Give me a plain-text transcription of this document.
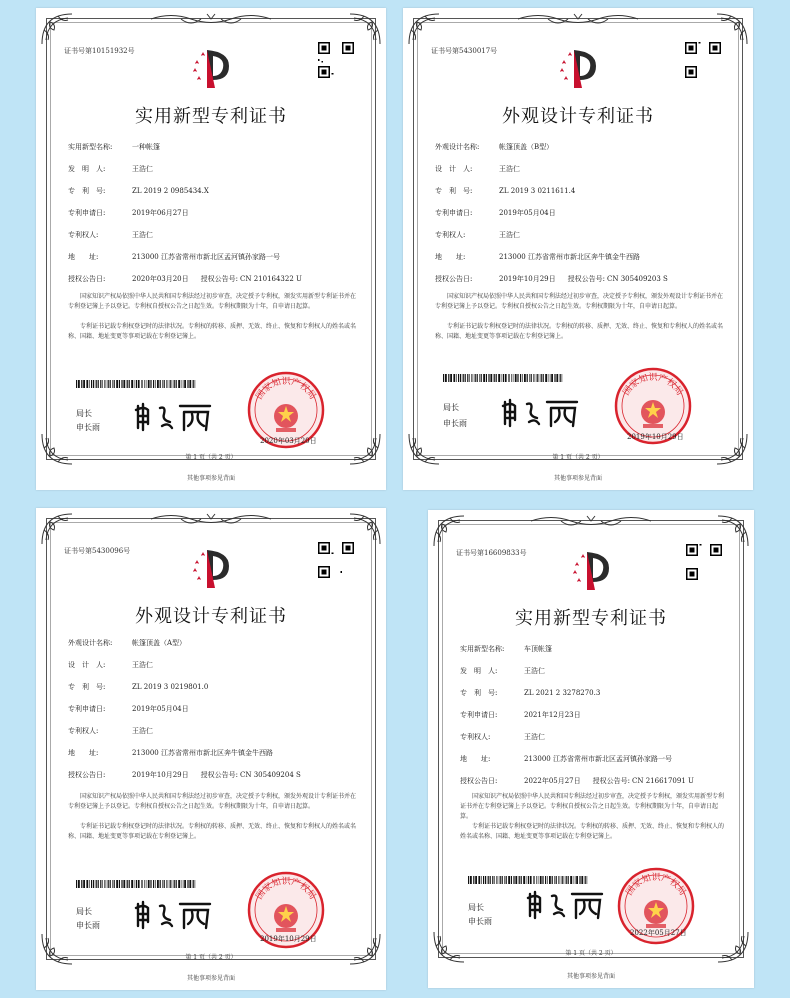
证书号第10151932号
实用新型专利证书
实用新型名称:	一种帐篷
发　明　人:	王浩仁
专　利　号:	ZL 2019 2 0985434.X
专利申请日:	2019年06月27日
专利权人:	王浩仁
地　　址:	213000 江苏省常州市新北区孟河镇孙家路一号
授权公告日:	2020年03月20日 授权公告号: CN 210164322 U
国家知识产权局依照中华人民共和国专利法经过初步审查，决定授予专利权，颁发实用新型专利证书并在专利登记簿上予以登记。专利权自授权公告之日起生效。专利权期限为十年，自申请日起算。
专利证书记载专利权登记时的法律状况。专利权的转移、质押、无效、终止、恢复和专利权人的姓名或名称、国籍、地址变更等事项记载在专利登记簿上。
局长
申长雨
国家知识产权局
2020年03月20日
第 1 页（共 2 页）
其他事项参见背面
证书号第5430017号
外观设计专利证书
外观设计名称:	帐篷顶盖（B型）
设　计　人:	王浩仁
专　利　号:	ZL 2019 3 0211611.4
专利申请日:	2019年05月04日
专利权人:	王浩仁
地　　址:	213000 江苏省常州市新北区奔牛镇金牛西路
授权公告日:	2019年10月29日 授权公告号: CN 305409203 S
国家知识产权局依照中华人民共和国专利法经过初步审查，决定授予专利权，颁发外观设计专利证书并在专利登记簿上予以登记。专利权自授权公告之日起生效。专利权期限为十年，自申请日起算。
专利证书记载专利权登记时的法律状况。专利权的转移、质押、无效、终止、恢复和专利权人的姓名或名称、国籍、地址变更等事项记载在专利登记簿上。
局长
申长雨
国家知识产权局
2019年10月29日
第 1 页（共 2 页）
其他事项参见背面
证书号第5430096号
外观设计专利证书
外观设计名称:	帐篷顶盖（A型）
设　计　人:	王浩仁
专　利　号:	ZL 2019 3 0219801.0
专利申请日:	2019年05月04日
专利权人:	王浩仁
地　　址:	213000 江苏省常州市新北区奔牛镇金牛西路
授权公告日:	2019年10月29日 授权公告号: CN 305409204 S
国家知识产权局依照中华人民共和国专利法经过初步审查，决定授予专利权，颁发外观设计专利证书并在专利登记簿上予以登记。专利权自授权公告之日起生效。专利权期限为十年，自申请日起算。
专利证书记载专利权登记时的法律状况。专利权的转移、质押、无效、终止、恢复和专利权人的姓名或名称、国籍、地址变更等事项记载在专利登记簿上。
局长
申长雨
国家知识产权局
2019年10月29日
第 1 页（共 2 页）
其他事项参见背面
证书号第16609833号
实用新型专利证书
实用新型名称:	车顶帐篷
发　明　人:	王浩仁
专　利　号:	ZL 2021 2 3278270.3
专利申请日:	2021年12月23日
专利权人:	王浩仁
地　　址:	213000 江苏省常州市新北区孟河镇孙家路一号
授权公告日:	2022年05月27日 授权公告号: CN 216617091 U
国家知识产权局依照中华人民共和国专利法经过初步审查，决定授予专利权，颁发实用新型专利证书并在专利登记簿上予以登记。专利权自授权公告之日起生效。专利权期限为十年，自申请日起算。
专利证书记载专利权登记时的法律状况。专利权的转移、质押、无效、终止、恢复和专利权人的姓名或名称、国籍、地址变更等事项记载在专利登记簿上。
局长
申长雨
国家知识产权局
2022年05月27日
第 1 页（共 2 页）
其他事项参见背面
